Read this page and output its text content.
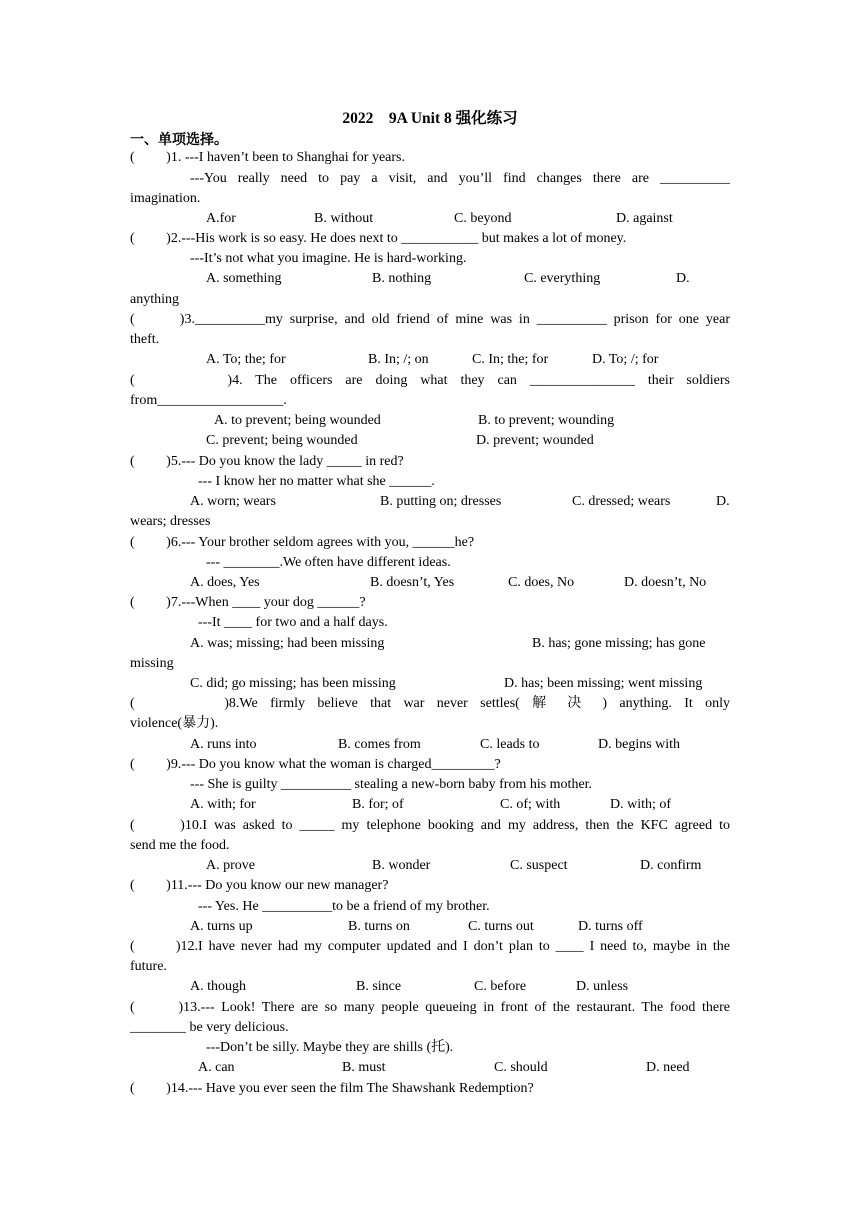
2022　9A Unit 8 强化练习
一、单项选择。
(　　 )1. ---I haven’t been to Shanghai for years.
---You really need to pay a visit, and you’ll find changes there are __________
imagination.
A.for	B. without	C. beyond	D. against
(　　 )2.---His work is so easy. He does next to ___________ but makes a lot of money.
---It’s not what you imagine. He is hard-working.
A. something	B. nothing	C. everything	D.
anything
(　　 )3.__________my surprise, and old friend of mine was in __________ prison for one year
theft.
A. To; the; for	B. In; /; on	C. In; the; for	D. To; /; for
(　　　 )4. The officers are doing what they can _______________ their soldiers
from__________________.
A. to prevent; being wounded	B. to prevent; wounding
C. prevent; being wounded	D. prevent; wounded
(　　 )5.--- Do you know the lady _____ in red?
--- I know her no matter what she ______.
A. worn; wears	B. putting on; dresses	C. dressed; wears	D.
wears; dresses
(　　 )6.--- Your brother seldom agrees with you, ______he?
--- ________.We often have different ideas.
A. does, Yes	B. doesn’t, Yes	C. does, No	D. doesn’t, No
(　　 )7.---When ____ your dog ______?
---It ____ for two and a half days.
A. was; missing; had been missing	B. has; gone missing; has gone
missing
C. did; go missing; has been missing	D. has; been missing; went missing
(　　　 )8.We firmly believe that war never settles( 解 决 ) anything. It only
violence(暴力).
A. runs into	B. comes from	C. leads to	D. begins with
(　　 )9.--- Do you know what the woman is charged_________?
--- She is guilty __________ stealing a new-born baby from his mother.
A. with; for	B. for; of	C. of; with	D. with; of
(　　 )10.I was asked to _____ my telephone booking and my address, then the KFC agreed to
send me the food.
A. prove	B. wonder	C. suspect	D. confirm
(　　 )11.--- Do you know our new manager?
--- Yes. He __________to be a friend of my brother.
A. turns up	B. turns on	C. turns out	D. turns off
(　　 )12.I have never had my computer updated and I don’t plan to ____ I need to, maybe in the
future.
A. though	B. since	C. before	D. unless
(　　 )13.--- Look! There are so many people queueing in front of the restaurant. The food there
________ be very delicious.
---Don’t be silly. Maybe they are shills (托).
A. can	B. must	C. should	D. need
(　　 )14.--- Have you ever seen the film The Shawshank Redemption?
